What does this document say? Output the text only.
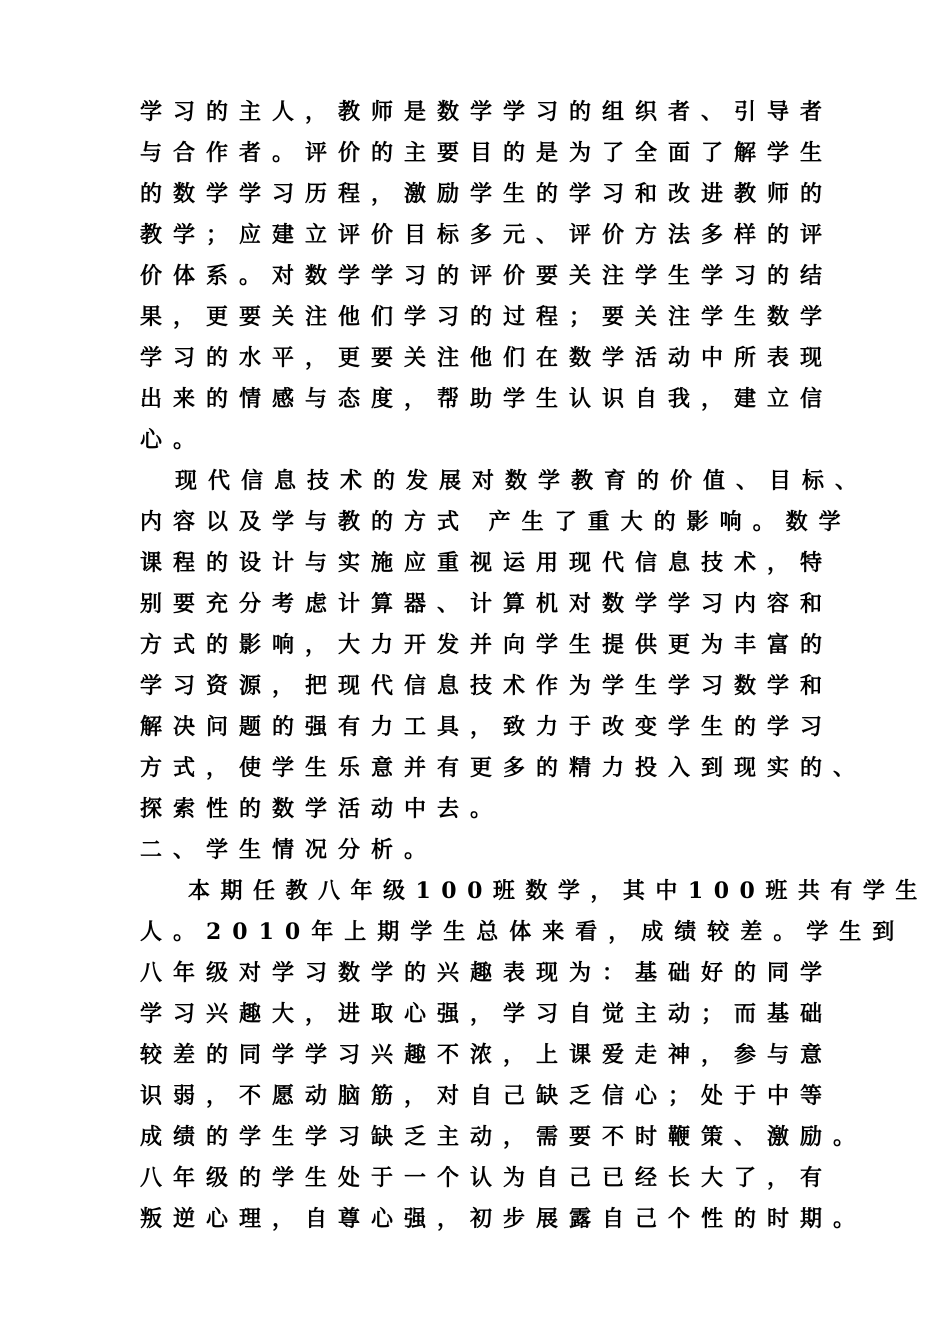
学习的主人，教师是数学学习的组织者、引导者
与合作者。评价的主要目的是为了全面了解学生
的数学学习历程，激励学生的学习和改进教师的
教学；应建立评价目标多元、评价方法多样的评
价体系。对数学学习的评价要关注学生学习的结
果，更要关注他们学习的过程；要关注学生数学
学习的水平，更要关注他们在数学活动中所表现
出来的情感与态度，帮助学生认识自我，建立信
心。
现代信息技术的发展对数学教育的价值、目标、
内容以及学与教的方式 产生了重大的影响。数学
课程的设计与实施应重视运用现代信息技术，特
别要充分考虑计算器、计算机对数学学习内容和
方式的影响，大力开发并向学生提供更为丰富的
学习资源，把现代信息技术作为学生学习数学和
解决问题的强有力工具，致力于改变学生的学习
方式，使学生乐意并有更多的精力投入到现实的、
探索性的数学活动中去。
二、学生情况分析。
本期任教八年级100班数学，其中100班共有学生
人。2010年上期学生总体来看，成绩较差。学生到
八年级对学习数学的兴趣表现为：基础好的同学
学习兴趣大，进取心强，学习自觉主动；而基础
较差的同学学习兴趣不浓，上课爱走神，参与意
识弱，不愿动脑筋，对自己缺乏信心；处于中等
成绩的学生学习缺乏主动，需要不时鞭策、激励。
八年级的学生处于一个认为自己已经长大了，有
叛逆心理，自尊心强，初步展露自己个性的时期。
